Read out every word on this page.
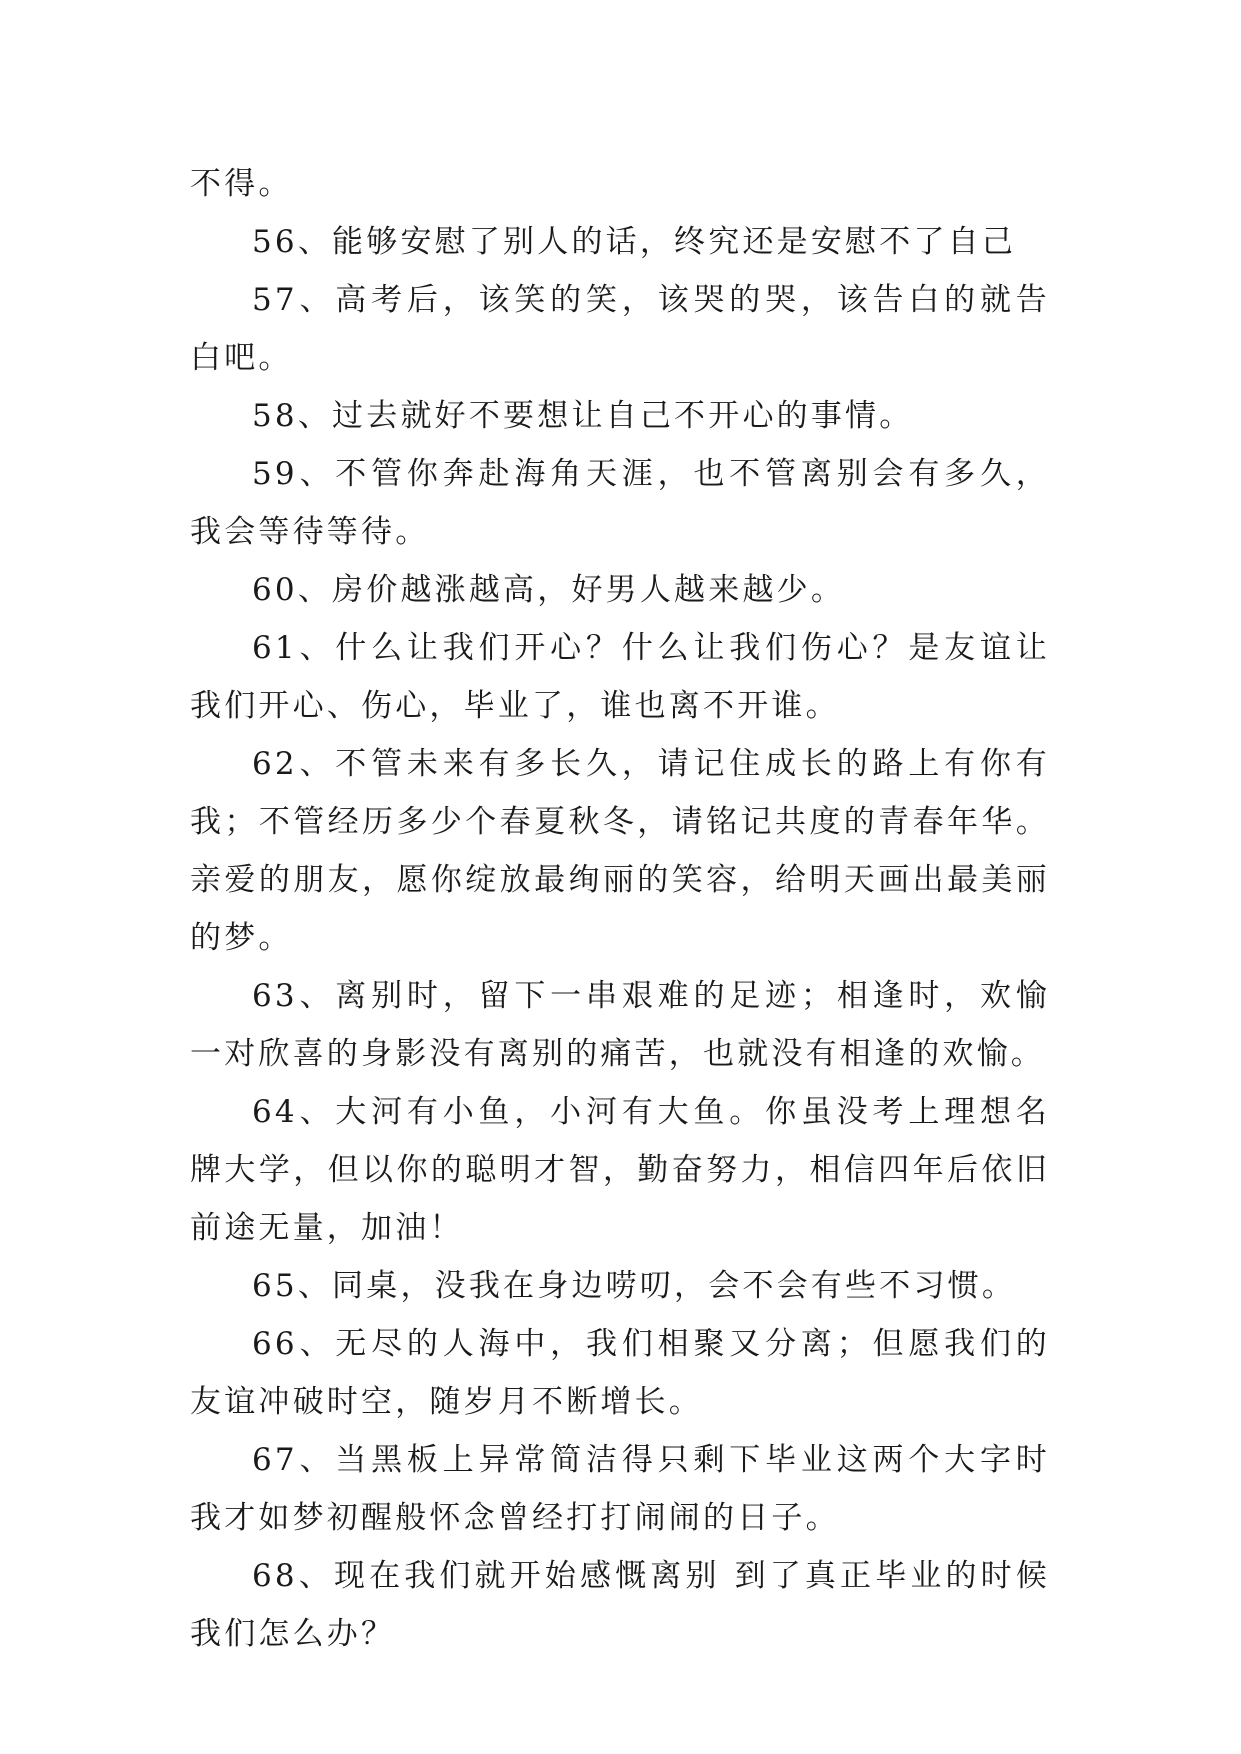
不得。

56、能够安慰了别人的话，终究还是安慰不了自己

57、高考后，该笑的笑，该哭的哭，该告白的就告白吧。

58、过去就好不要想让自己不开心的事情。

59、不管你奔赴海角天涯，也不管离别会有多久，我会等待等待。

60、房价越涨越高，好男人越来越少。

61、什么让我们开心？什么让我们伤心？是友谊让我们开心、伤心，毕业了，谁也离不开谁。

62、不管未来有多长久，请记住成长的路上有你有我；不管经历多少个春夏秋冬，请铭记共度的青春年华。亲爱的朋友，愿你绽放最绚丽的笑容，给明天画出最美丽的梦。

63、离别时，留下一串艰难的足迹；相逢时，欢愉一对欣喜的身影没有离别的痛苦，也就没有相逢的欢愉。

64、大河有小鱼，小河有大鱼。你虽没考上理想名牌大学，但以你的聪明才智，勤奋努力，相信四年后依旧前途无量，加油！

65、同桌，没我在身边唠叨，会不会有些不习惯。

66、无尽的人海中，我们相聚又分离；但愿我们的友谊冲破时空，随岁月不断增长。

67、当黑板上异常简洁得只剩下毕业这两个大字时我才如梦初醒般怀念曾经打打闹闹的日子。

68、现在我们就开始感慨离别 到了真正毕业的时候我们怎么办？
